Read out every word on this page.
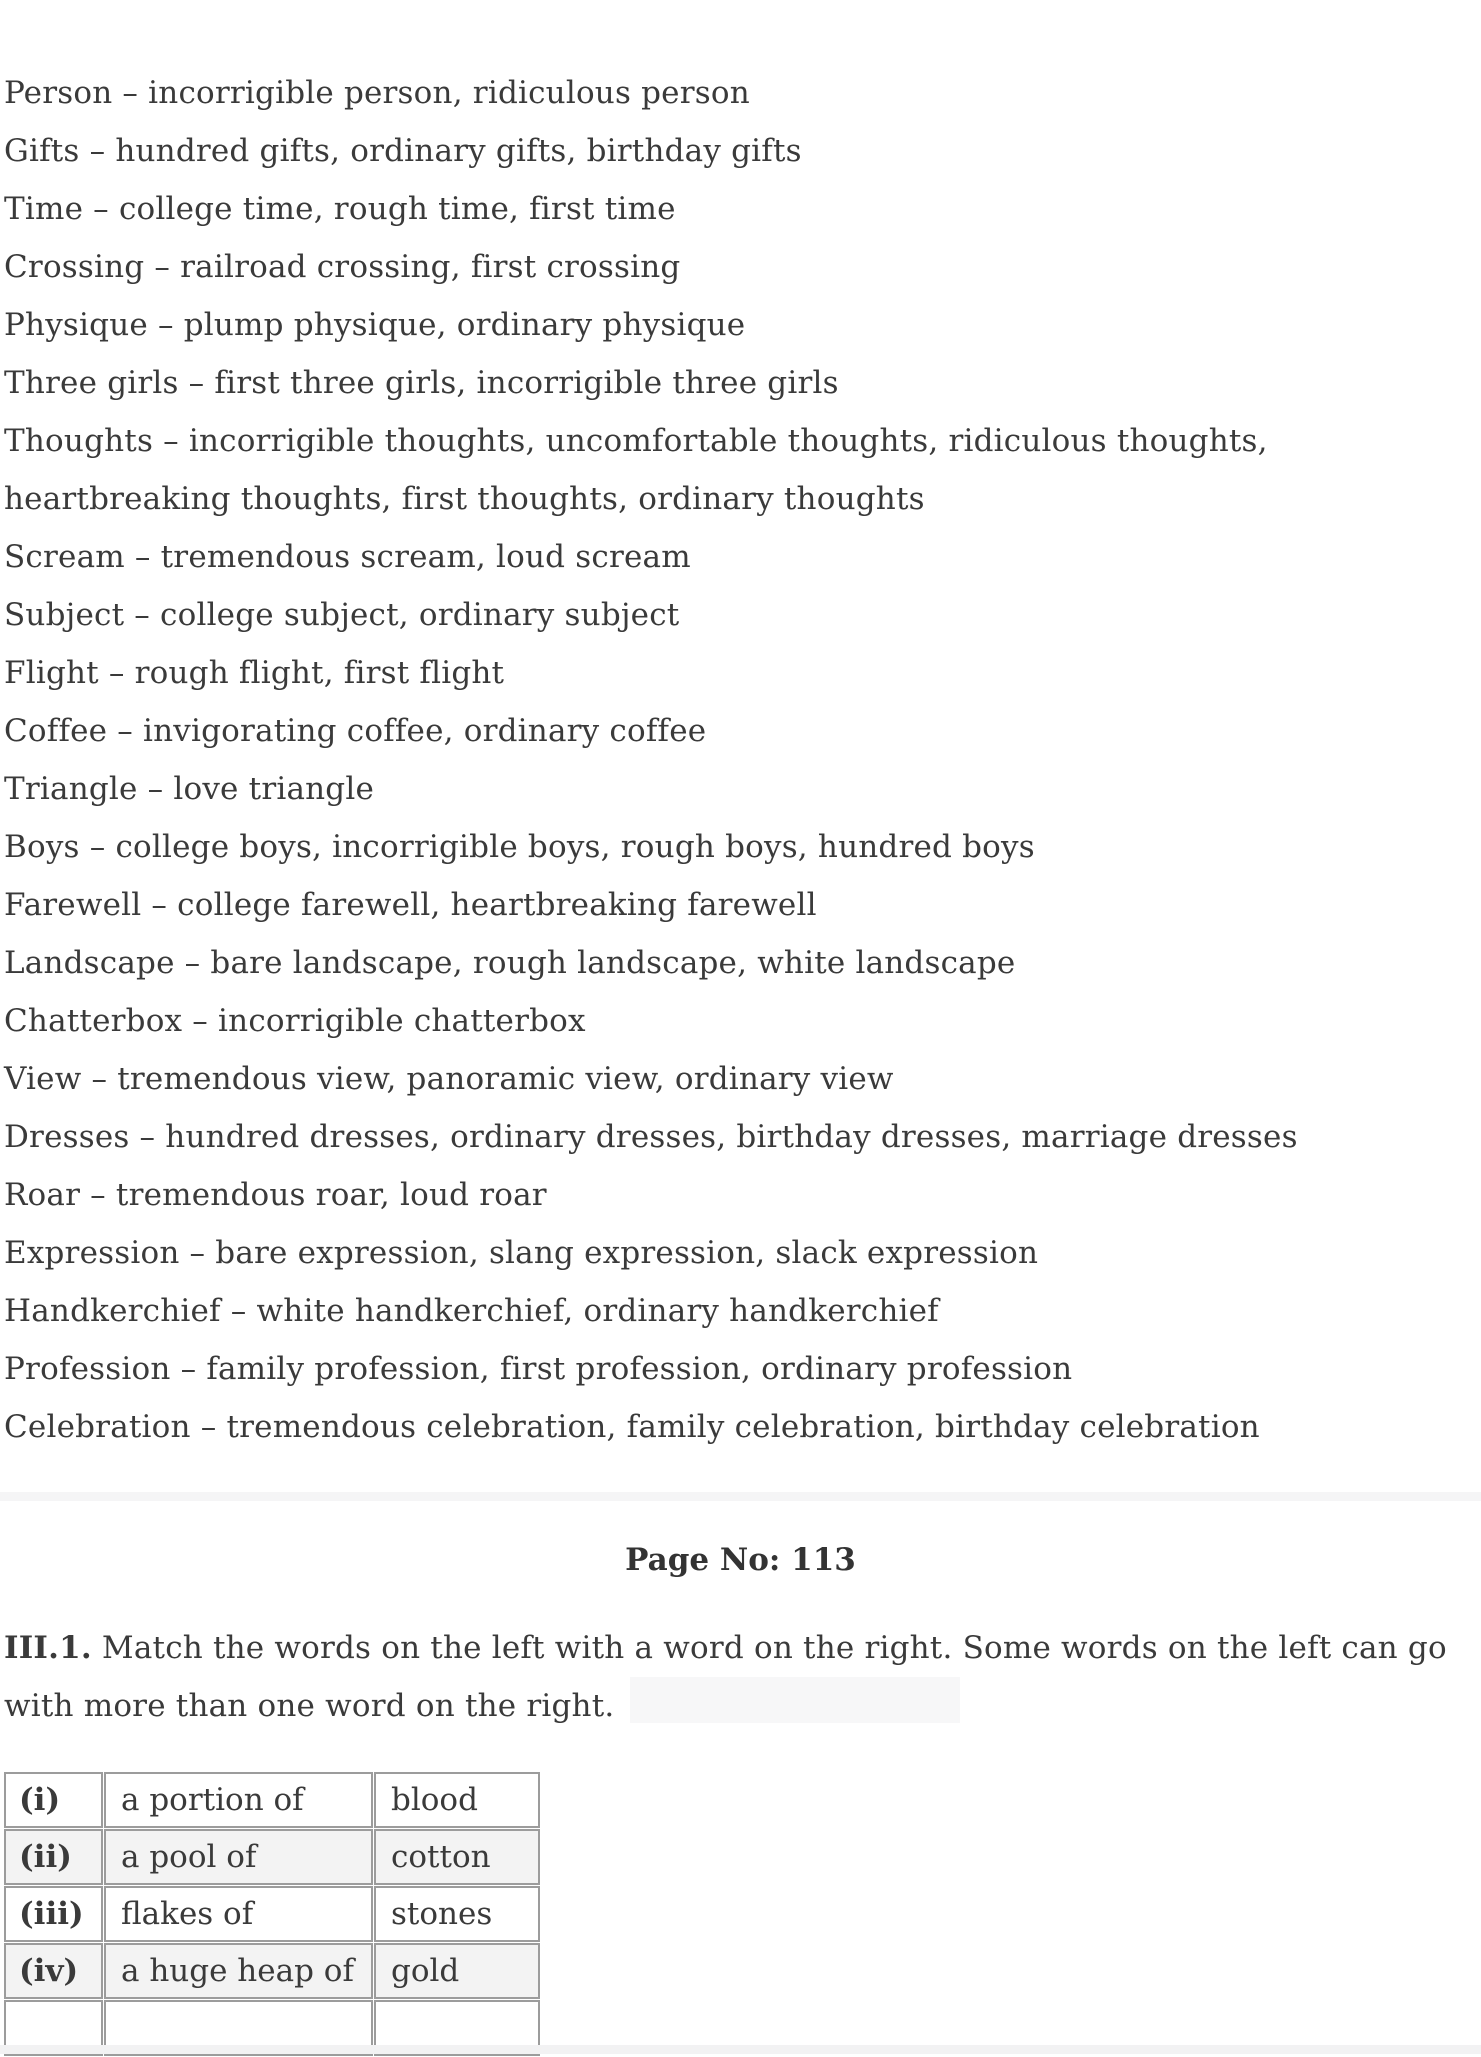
Person – incorrigible person, ridiculous person
Gifts – hundred gifts, ordinary gifts, birthday gifts
Time – college time, rough time, first time
Crossing – railroad crossing, first crossing
Physique – plump physique, ordinary physique
Three girls – first three girls, incorrigible three girls
Thoughts – incorrigible thoughts, uncomfortable thoughts, ridiculous thoughts,
heartbreaking thoughts, first thoughts, ordinary thoughts
Scream – tremendous scream, loud scream
Subject – college subject, ordinary subject
Flight – rough flight, first flight
Coffee – invigorating coffee, ordinary coffee
Triangle – love triangle
Boys – college boys, incorrigible boys, rough boys, hundred boys
Farewell – college farewell, heartbreaking farewell
Landscape – bare landscape, rough landscape, white landscape
Chatterbox – incorrigible chatterbox
View – tremendous view, panoramic view, ordinary view
Dresses – hundred dresses, ordinary dresses, birthday dresses, marriage dresses
Roar – tremendous roar, loud roar
Expression – bare expression, slang expression, slack expression
Handkerchief – white handkerchief, ordinary handkerchief
Profession – family profession, first profession, ordinary profession
Celebration – tremendous celebration, family celebration, birthday celebration
Page No: 113
III.1. Match the words on the left with a word on the right. Some words on the left can go
with more than one word on the right.
(i)	a portion of	blood
(ii)	a pool of	cotton
(iii)	flakes of	stones
(iv)	a huge heap of	gold
